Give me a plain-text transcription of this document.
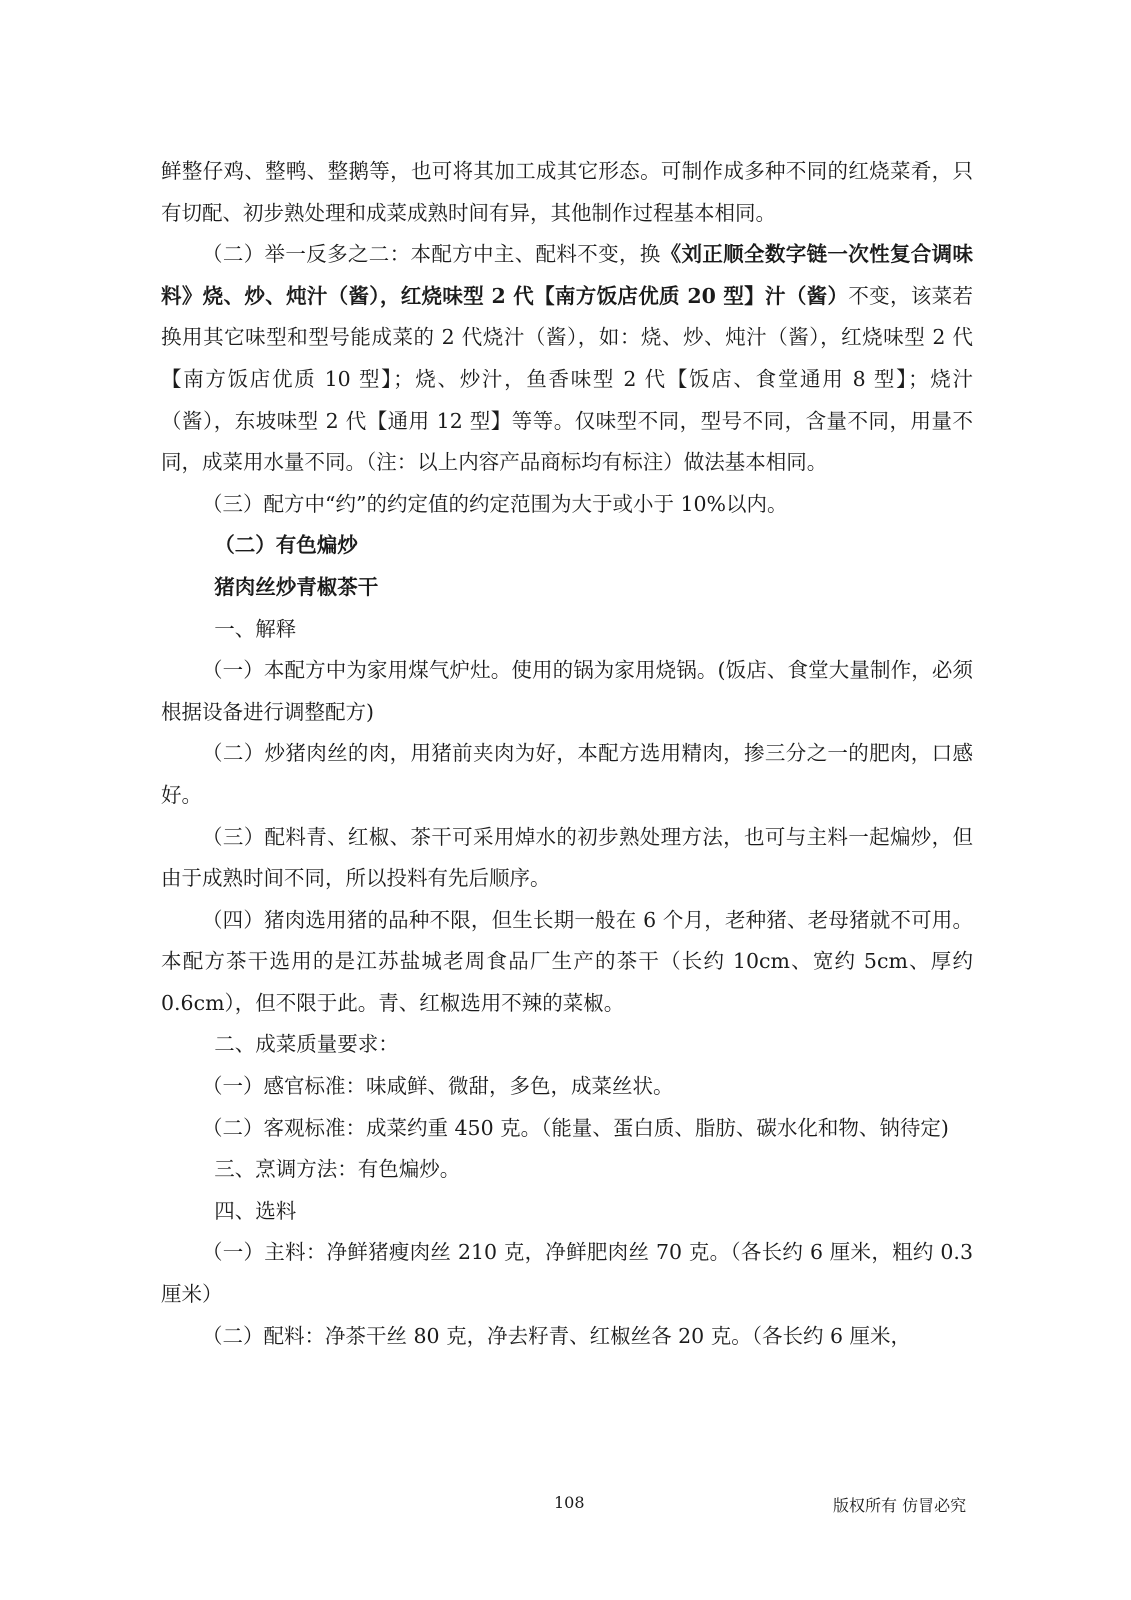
鲜整仔鸡、整鸭、整鹅等，也可将其加工成其它形态。可制作成多种不同的红烧菜肴，只有切配、初步熟处理和成菜成熟时间有异，其他制作过程基本相同。

（二）举一反多之二：本配方中主、配料不变，换《刘正顺全数字链一次性复合调味料》烧、炒、炖汁（酱），红烧味型 2 代【南方饭店优质 20 型】汁（酱）不变，该菜若换用其它味型和型号能成菜的 2 代烧汁（酱），如：烧、炒、炖汁（酱），红烧味型 2 代【南方饭店优质 10 型】；烧、炒汁，鱼香味型 2 代【饭店、食堂通用 8 型】；烧汁（酱），东坡味型 2 代【通用 12 型】等等。仅味型不同，型号不同，含量不同，用量不同，成菜用水量不同。（注：以上内容产品商标均有标注）做法基本相同。

（三）配方中“约”的约定值的约定范围为大于或小于 10%以内。

（二）有色煸炒

猪肉丝炒青椒茶干

一、解释

（一）本配方中为家用煤气炉灶。使用的锅为家用烧锅。(饭店、食堂大量制作，必须根据设备进行调整配方)

（二）炒猪肉丝的肉，用猪前夹肉为好，本配方选用精肉，掺三分之一的肥肉，口感好。

（三）配料青、红椒、茶干可采用焯水的初步熟处理方法，也可与主料一起煸炒，但由于成熟时间不同，所以投料有先后顺序。

（四）猪肉选用猪的品种不限，但生长期一般在 6 个月，老种猪、老母猪就不可用。本配方茶干选用的是江苏盐城老周食品厂生产的茶干（长约 10cm、宽约 5cm、厚约 0.6cm），但不限于此。青、红椒选用不辣的菜椒。

二、成菜质量要求：

（一）感官标准：味咸鲜、微甜，多色，成菜丝状。

（二）客观标准：成菜约重 450 克。（能量、蛋白质、脂肪、碳水化和物、钠待定)

三、烹调方法：有色煸炒。

四、选料

（一）主料：净鲜猪瘦肉丝 210 克，净鲜肥肉丝 70 克。（各长约 6 厘米，粗约 0.3 厘米）

（二）配料：净茶干丝 80 克，净去籽青、红椒丝各 20 克。（各长约 6 厘米，

108	版权所有 仿冒必究
